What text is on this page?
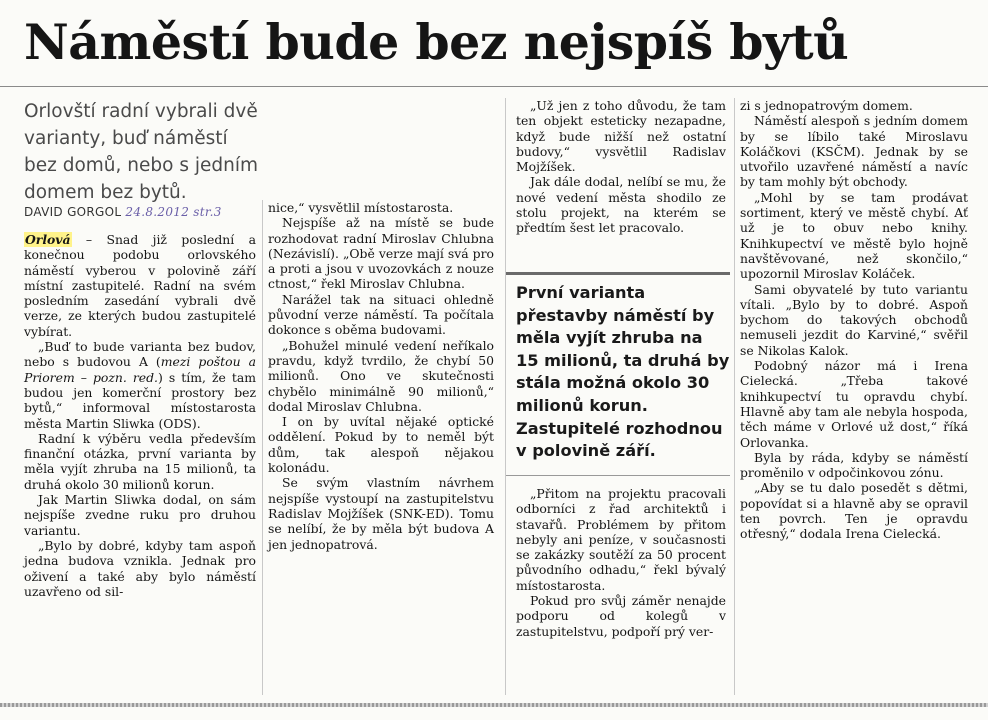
Náměstí bude bez nejspíš bytů
Orlovští radní vybrali dvě varianty, buď náměstí bez domů, nebo s jedním domem bez bytů.
DAVID GORGOL 24.8.2012 str.3

Orlová – Snad již poslední a konečnou podobu orlovského náměstí vyberou v polovině září místní zastupitelé. Radní na svém posledním zasedání vybrali dvě verze, ze kterých budou zastupitelé vybírat.

„Buď to bude varianta bez budov, nebo s budovou A (mezi poštou a Priorem – pozn. red.) s tím, že tam budou jen komerční prostory bez bytů,“ informoval místostarosta města Martin Sliwka (ODS).

Radní k výběru vedla především finanční otázka, první varianta by měla vyjít zhruba na 15 milionů, ta druhá okolo 30 milionů korun.

Jak Martin Sliwka dodal, on sám nejspíše zvedne ruku pro druhou variantu.

„Bylo by dobré, kdyby tam aspoň jedna budova vznikla. Jednak pro oživení a také aby bylo náměstí uzavřeno od sil-

nice,“ vysvětlil místostarosta.

Nejspíše až na místě se bude rozhodovat radní Miroslav Chlubna (Nezávislí). „Obě verze mají svá pro a proti a jsou v uvozovkách z nouze ctnost,“ řekl Miroslav Chlubna.

Narážel tak na situaci ohledně původní verze náměstí. Ta počítala dokonce s oběma budovami.

„Bohužel minulé vedení neříkalo pravdu, když tvrdilo, že chybí 50 milionů. Ono ve skutečnosti chybělo minimálně 90 milionů,“ dodal Miroslav Chlubna.

I on by uvítal nějaké optické oddělení. Pokud by to neměl být dům, tak alespoň nějakou kolonádu.

Se svým vlastním návrhem nejspíše vystoupí na zastupitelstvu Radislav Mojžíšek (SNK-ED). Tomu se nelíbí, že by měla být budova A jen jednopatrová.

„Už jen z toho důvodu, že tam ten objekt esteticky nezapadne, když bude nižší než ostatní budovy,“ vysvětlil Radislav Mojžíšek.

Jak dále dodal, nelíbí se mu, že nové vedení města shodilo ze stolu projekt, na kterém se předtím šest let pracovalo.

První varianta přestavby náměstí by měla vyjít zhruba na 15 milionů, ta druhá by stála možná okolo 30 milionů korun. Zastupitelé rozhodnou v polovině září.

„Přitom na projektu pracovali odborníci z řad architektů i stavařů. Problémem by přitom nebyly ani peníze, v současnosti se zakázky soutěží za 50 procent původního odhadu,“ řekl bývalý místostarosta.

Pokud pro svůj záměr nenajde podporu od kolegů v zastupitelstvu, podpoří prý ver-

zi s jednopatrovým domem.

Náměstí alespoň s jedním domem by se líbilo také Miroslavu Koláčkovi (KSČM). Jednak by se utvořilo uzavřené náměstí a navíc by tam mohly být obchody.

„Mohl by se tam prodávat sortiment, který ve městě chybí. Ať už je to obuv nebo knihy. Knihkupectví ve městě bylo hojně navštěvované, než skončilo,“ upozornil Miroslav Koláček.

Sami obyvatelé by tuto variantu vítali. „Bylo by to dobré. Aspoň bychom do takových obchodů nemuseli jezdit do Karviné,“ svěřil se Nikolas Kalok.

Podobný názor má i Irena Cielecká. „Třeba takové knihkupectví tu opravdu chybí. Hlavně aby tam ale nebyla hospoda, těch máme v Orlové už dost,“ říká Orlovanka.

Byla by ráda, kdyby se náměstí proměnilo v odpočinkovou zónu.

„Aby se tu dalo posedět s dětmi, popovídat si a hlavně aby se opravil ten povrch. Ten je opravdu otřesný,“ dodala Irena Cielecká.
